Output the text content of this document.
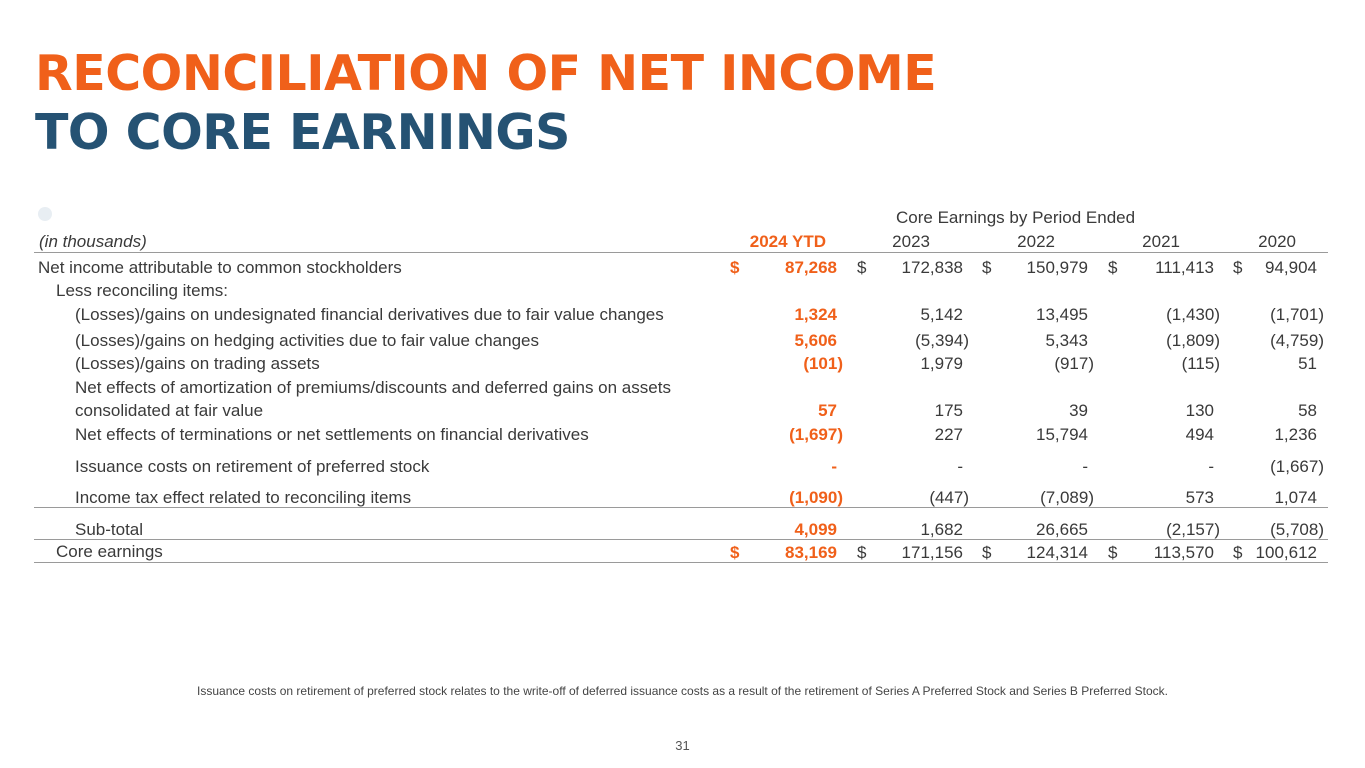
RECONCILIATION OF NET INCOME
TO CORE EARNINGS
Core Earnings by Period Ended
(in thousands)	2024 YTD	2023	2022	2021	2020
Net income attributable to common stockholders	$	87,268 $	172,838 $	150,979 $	111,413 $	94,904
Less reconciling items:
(Losses)/gains on undesignated financial derivatives due to fair value changes	1,324	5,142	13,495	(1,430)	(1,701)
(Losses)/gains on hedging activities due to fair value changes	5,606	(5,394)	5,343	(1,809)	(4,759)
(Losses)/gains on trading assets	(101)	1,979	(917)	(115)	51
Net effects of amortization of premiums/discounts and deferred gains on assets
consolidated at fair value	57	175	39	130	58
Net effects of terminations or net settlements on financial derivatives	(1,697)	227	15,794	494	1,236
Issuance costs on retirement of preferred stock	-	-	-	-	(1,667)
Income tax effect related to reconciling items	(1,090)	(447)	(7,089)	573	1,074
Sub-total	4,099	1,682	26,665	(2,157)	(5,708)
Core earnings	$	83,169 $	171,156 $	124,314 $	113,570 $ 100,612
Issuance costs on retirement of preferred stock relates to the write-off of deferred issuance costs as a result of the retirement of Series A Preferred Stock and Series B Preferred Stock.
31
